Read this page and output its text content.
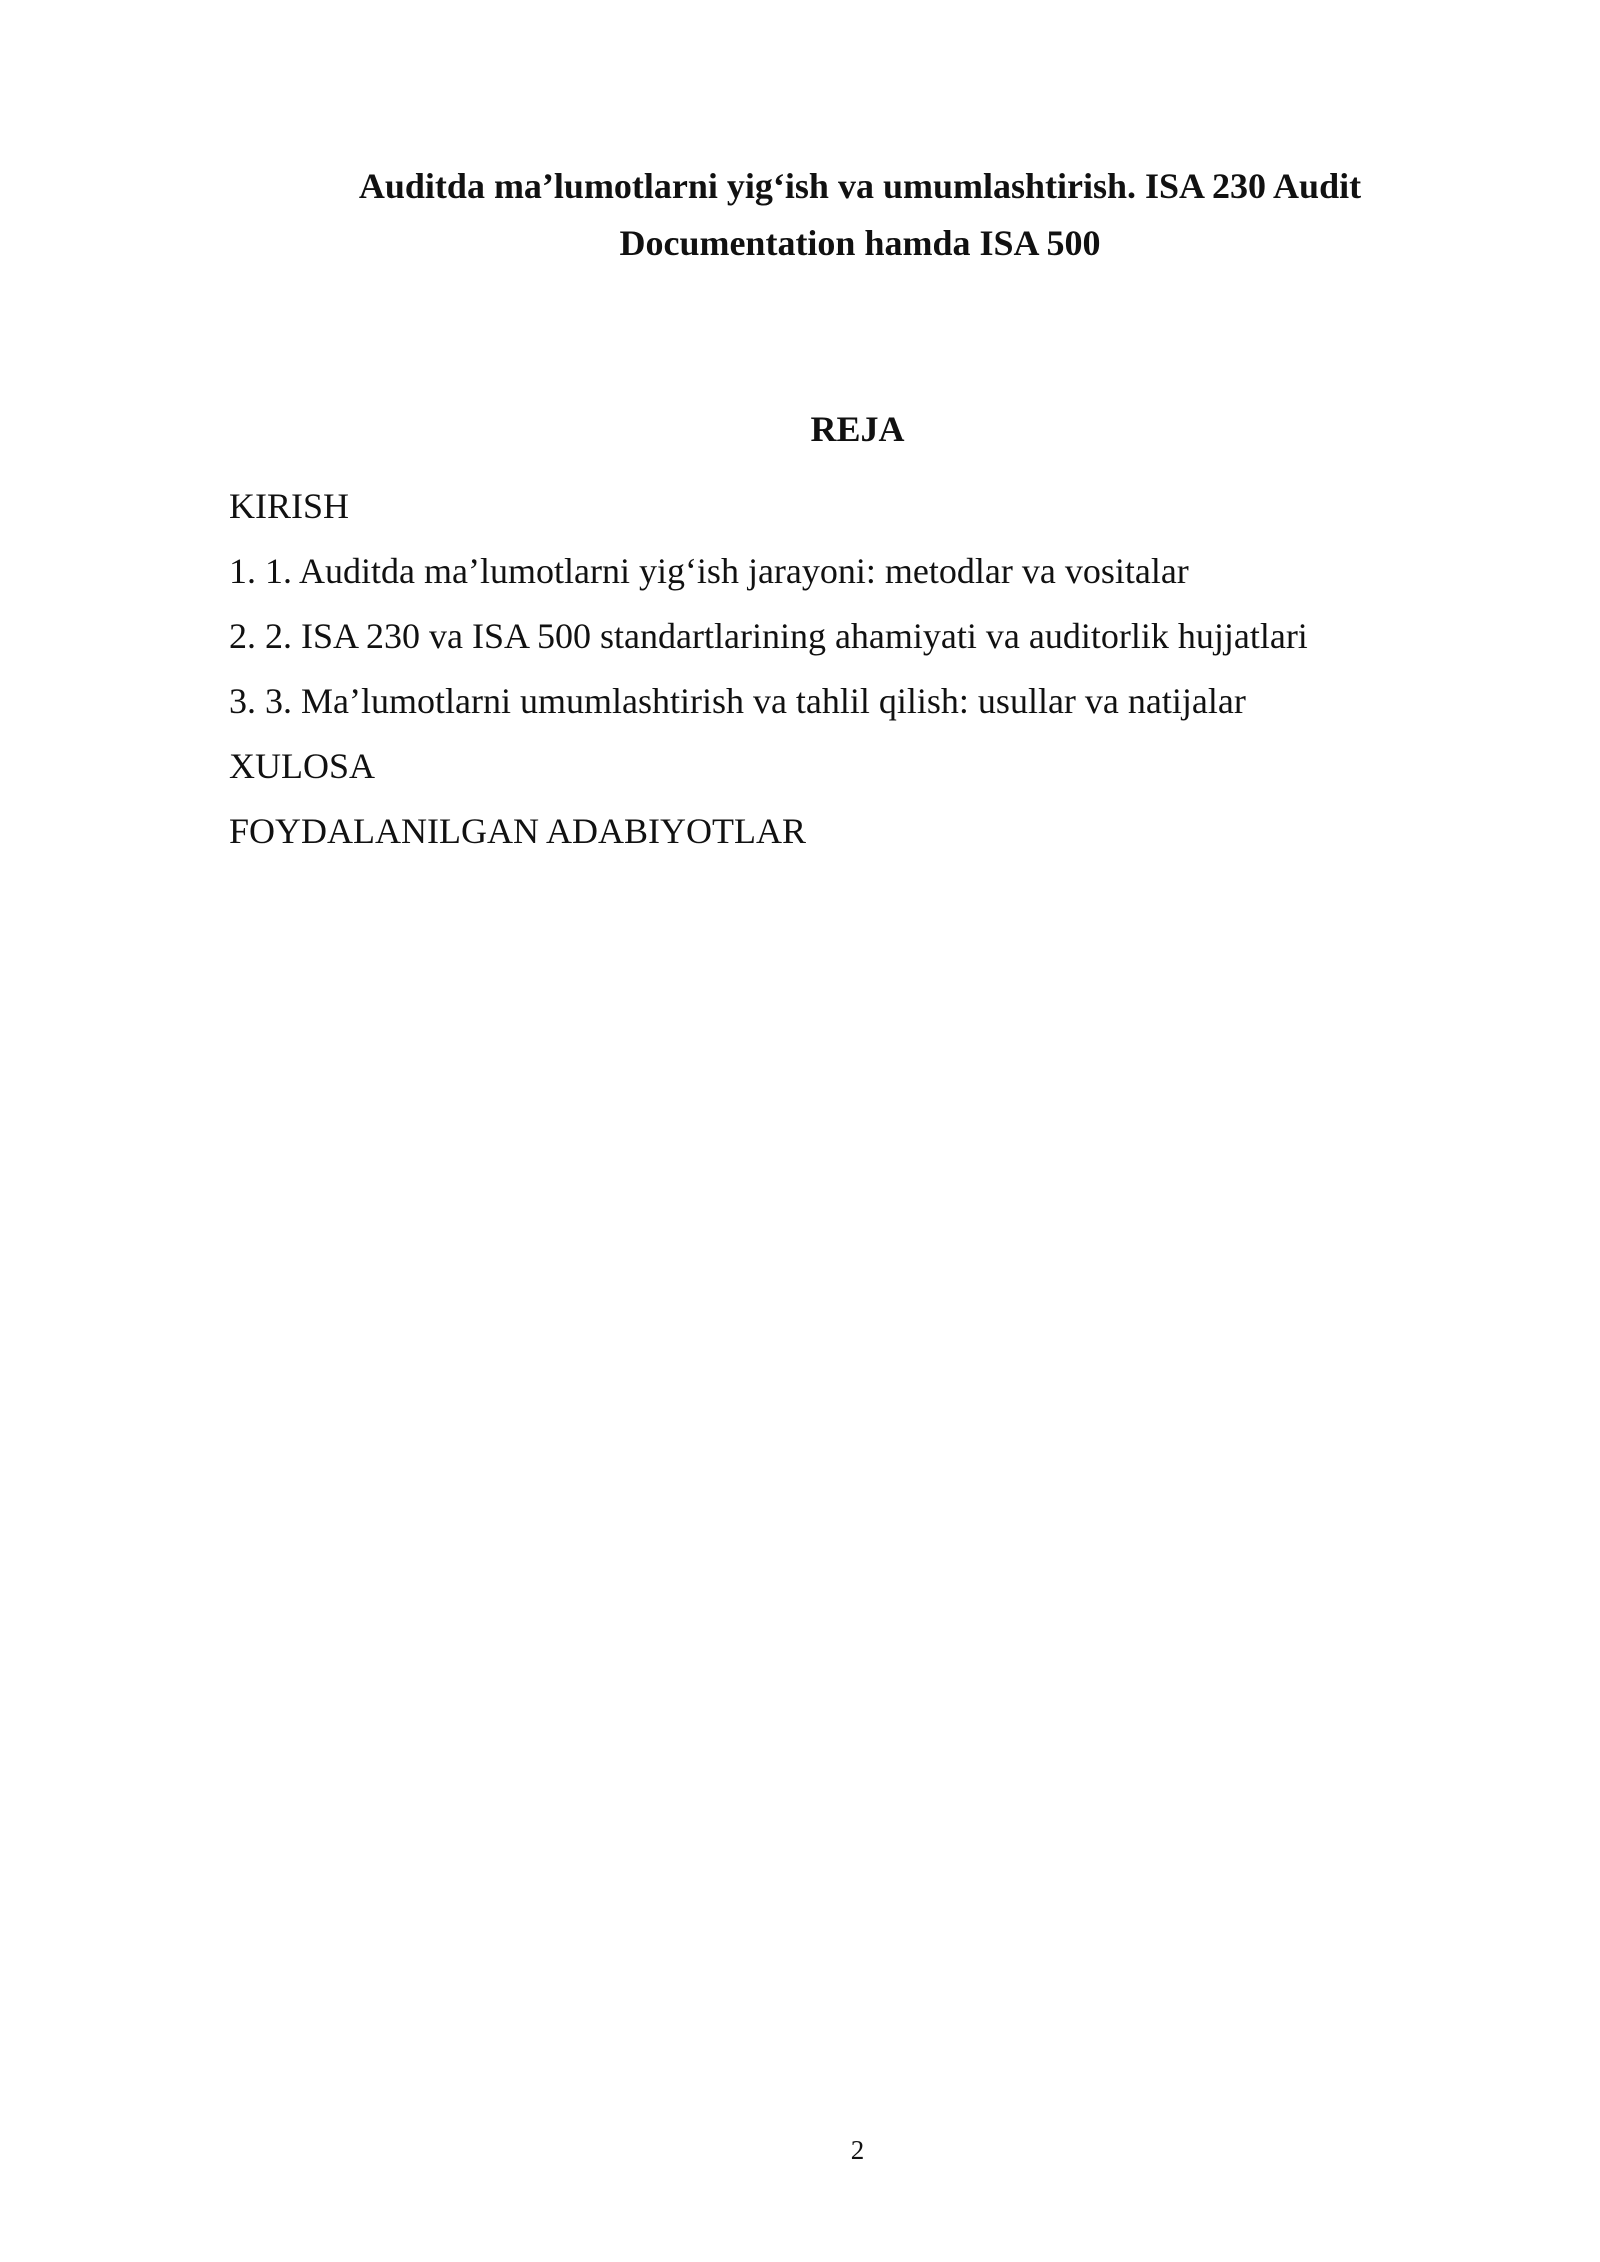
Auditda ma’lumotlarni yig‘ish va umumlashtirish. ISA 230 Audit
Documentation hamda ISA 500
REJA
KIRISH
1. 1. Auditda ma’lumotlarni yig‘ish jarayoni: metodlar va vositalar
2. 2. ISA 230 va ISA 500 standartlarining ahamiyati va auditorlik hujjatlari
3. 3. Ma’lumotlarni umumlashtirish va tahlil qilish: usullar va natijalar
XULOSA
FOYDALANILGAN ADABIYOTLAR
2
